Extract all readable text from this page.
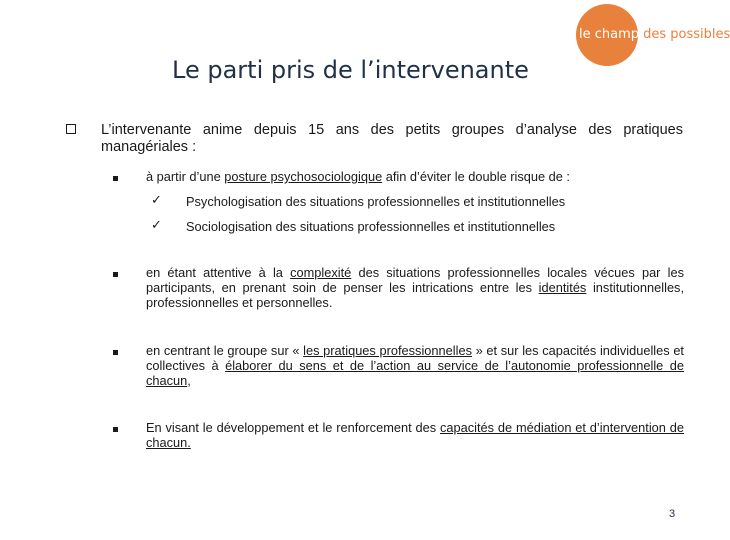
le champ des possibles
Le parti pris de l’intervenante

L’intervenante anime depuis 15 ans des petits groupes d’analyse des pratiques managériales :

à partir d’une posture psychosociologique afin d’éviter le double risque de :

✓ Psychologisation des situations professionnelles et institutionnelles
✓ Sociologisation des situations professionnelles et institutionnelles

en étant attentive à la complexité des situations professionnelles locales vécues par les participants, en prenant soin de penser les intrications entre les identités institutionnelles, professionnelles et personnelles.

en centrant le groupe sur « les pratiques professionnelles » et sur les capacités individuelles et collectives à élaborer du sens et de l’action au service de l’autonomie professionnelle de chacun,

En visant le développement et le renforcement des capacités de médiation et d’intervention de chacun.

3
